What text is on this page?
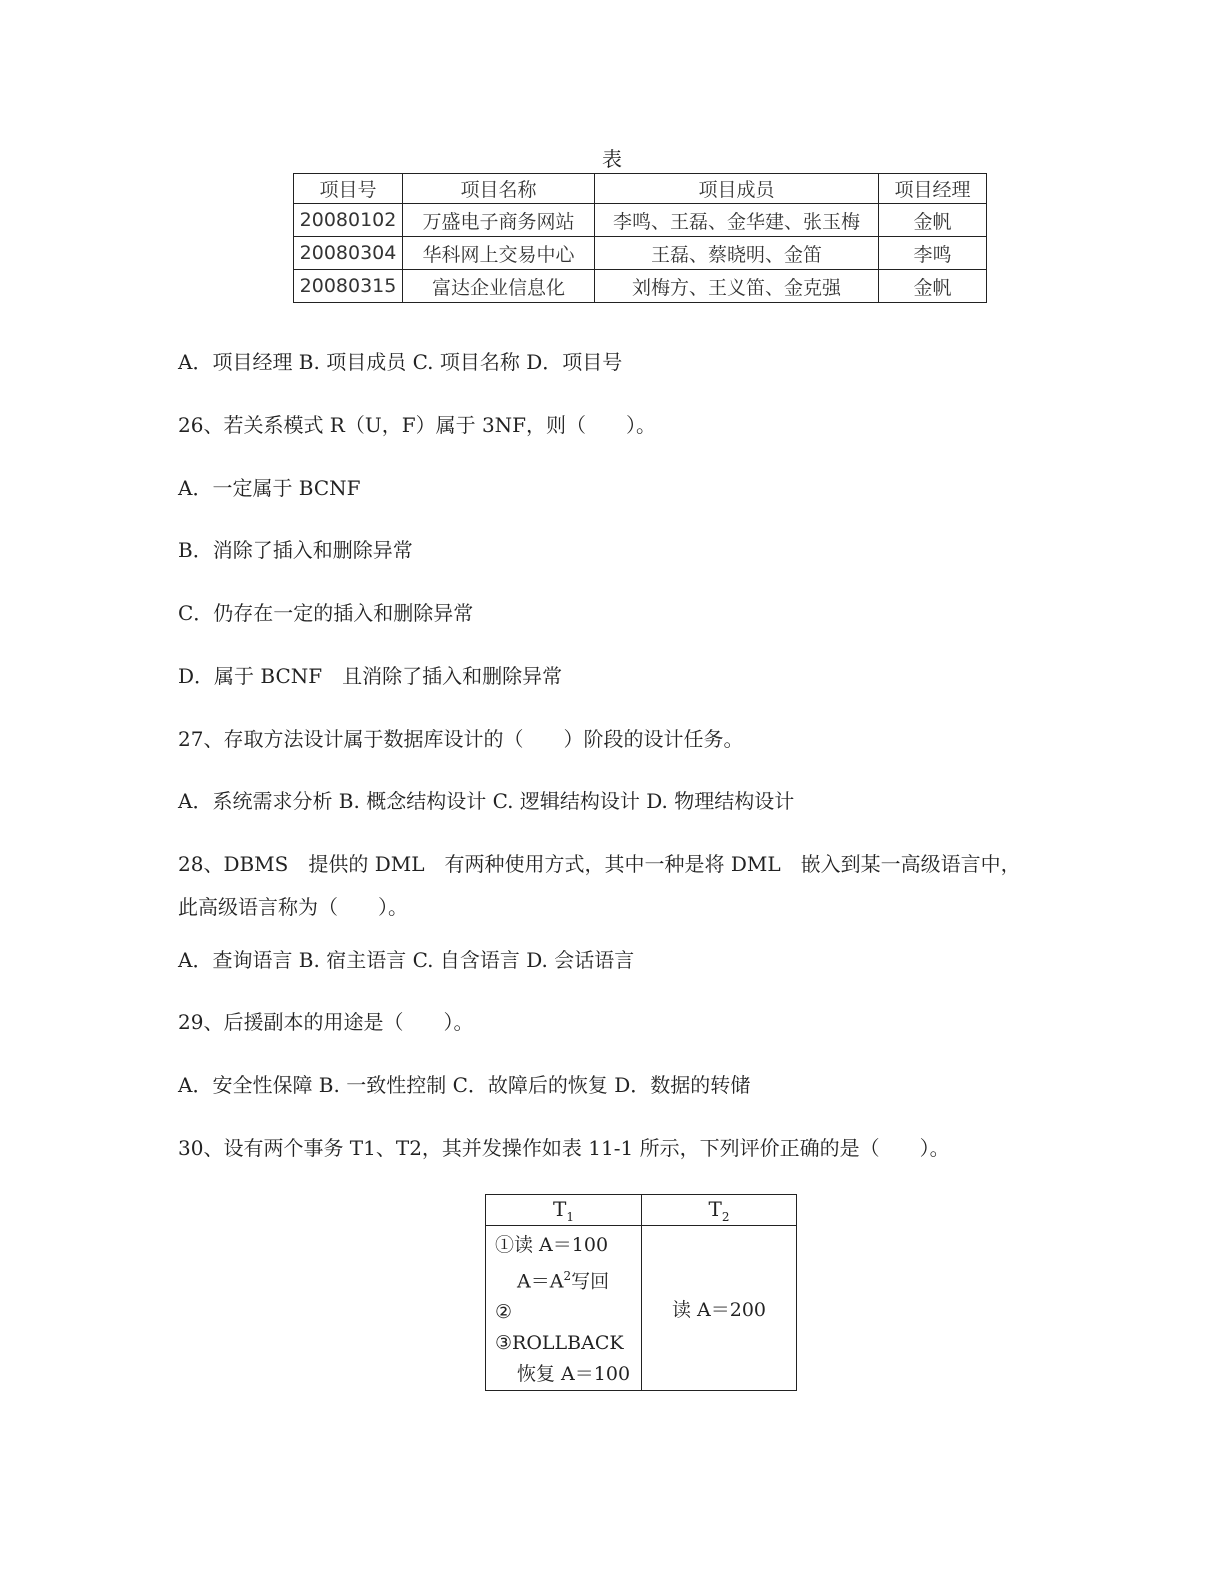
表
项目号	项目名称	项目成员	项目经理
20080102	万盛电子商务网站	李鸣、王磊、金华建、张玉梅	金帆
20080304	华科网上交易中心	王磊、蔡晓明、金笛	李鸣
20080315	富达企业信息化	刘梅方、王义笛、金克强	金帆
A．项目经理 B. 项目成员 C. 项目名称 D．项目号
26、若关系模式 R（U，F）属于 3NF，则（　　）。
A．一定属于 BCNF
B．消除了插入和删除异常
C．仍存在一定的插入和删除异常
D．属于 BCNF　且消除了插入和删除异常
27、存取方法设计属于数据库设计的（　　）阶段的设计任务。
A．系统需求分析 B. 概念结构设计 C. 逻辑结构设计 D. 物理结构设计
28、DBMS　提供的 DML　有两种使用方式，其中一种是将 DML　嵌入到某一高级语言中，
此高级语言称为（　　）。
A．查询语言 B. 宿主语言 C. 自含语言 D. 会话语言
29、后援副本的用途是（　　）。
A．安全性保障 B. 一致性控制 C．故障后的恢复 D．数据的转储
30、设有两个事务 T1、T2，其并发操作如表 11-1 所示，下列评价正确的是（　　）。
$T_1$	$T_2$

①读 A＝100
$A=A^2$写回
②
③ROLLBACK
恢复 A＝100	读 A＝200
